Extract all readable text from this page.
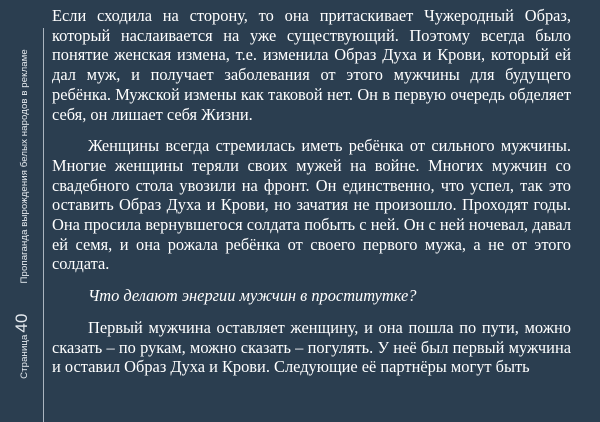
Страница
40
Пропаганда вырождения белых народов в рекламе

Если сходила на сторону, то она притаскивает Чужеродный Образ, который наслаивается на уже существующий. Поэтому всегда было понятие женская измена, т.е. изменила Образ Духа и Крови, который ей дал муж, и получает заболевания от этого мужчины для будущего ребёнка. Мужской измены как таковой нет. Он в первую очередь обделяет себя, он лишает себя Жизни.

Женщины всегда стремилась иметь ребёнка от сильного мужчины. Многие женщины теряли своих мужей на войне. Многих мужчин со свадебного стола увозили на фронт. Он единственно, что успел, так это оставить Образ Духа и Крови, но зачатия не произошло. Проходят годы. Она просила вернувшегося солдата побыть с ней. Он с ней ночевал, давал ей семя, и она рожала ребёнка от своего первого мужа, а не от этого солдата.

Что делают энергии мужчин в проститутке?

Первый мужчина оставляет женщину, и она пошла по пути, можно сказать – по рукам, можно сказать – погулять. У неё был первый мужчина и оставил Образ Духа и Крови. Следующие её партнёры могут быть
